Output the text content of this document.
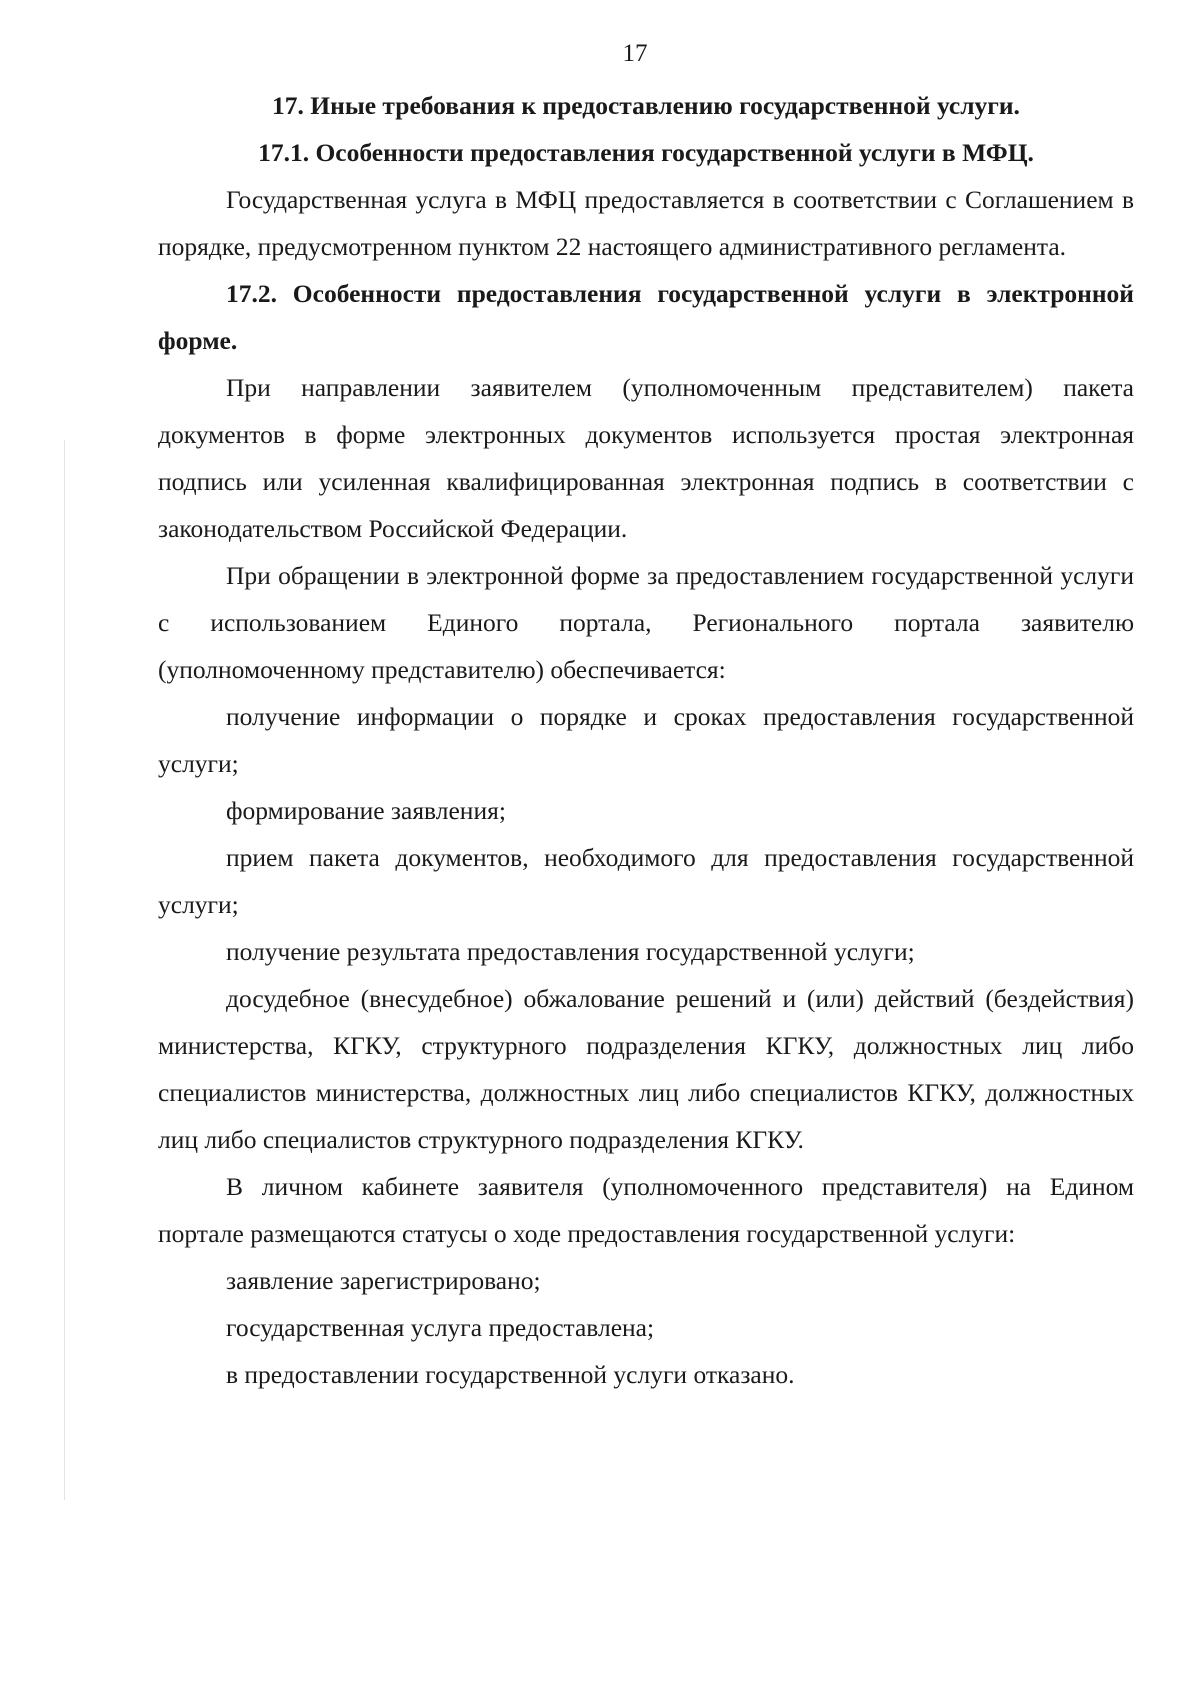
17

17. Иные требования к предоставлению государственной услуги.

17.1. Особенности предоставления государственной услуги в МФЦ.

Государственная услуга в МФЦ предоставляется в соответствии с Соглашением в порядке, предусмотренном пунктом 22 настоящего административного регламента.

17.2. Особенности предоставления государственной услуги в электронной форме.

При направлении заявителем (уполномоченным представителем) пакета документов в форме электронных документов используется простая электронная подпись или усиленная квалифицированная электронная подпись в соответствии с законодательством Российской Федерации.

При обращении в электронной форме за предоставлением государственной услуги с использованием Единого портала, Регионального портала заявителю (уполномоченному представителю) обеспечивается:

получение информации о порядке и сроках предоставления государственной услуги;

формирование заявления;

прием пакета документов, необходимого для предоставления государственной услуги;

получение результата предоставления государственной услуги;

досудебное (внесудебное) обжалование решений и (или) действий (бездействия) министерства, КГКУ, структурного подразделения КГКУ, должностных лиц либо специалистов министерства, должностных лиц либо специалистов КГКУ, должностных лиц либо специалистов структурного подразделения КГКУ.

В личном кабинете заявителя (уполномоченного представителя) на Едином портале размещаются статусы о ходе предоставления государственной услуги:

заявление зарегистрировано;

государственная услуга предоставлена;

в предоставлении государственной услуги отказано.
